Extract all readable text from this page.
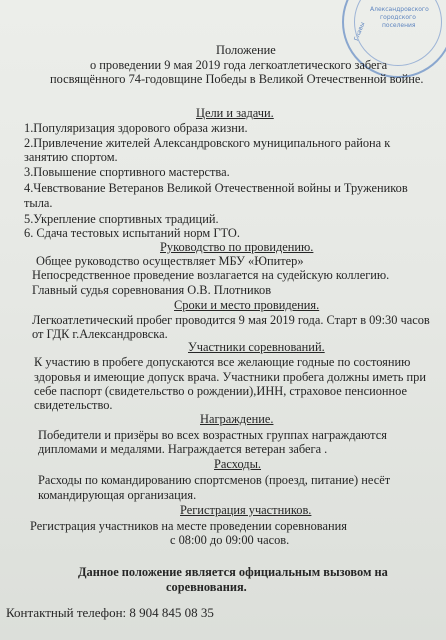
Александровского
городского
поселения
Главы
Положение
о проведении 9 мая 2019 года легкоатлетического забега
посвящённого 74-годовщине Победы в Великой Отечественной войне.
Цели и задачи.
1.Популяризация здорового образа жизни.
2.Привлечение жителей Александровского муниципального района к
занятию спортом.
3.Повышение спортивного мастерства.
4.Чевствование Ветеранов Великой Отечественной войны и Тружеников
тыла.
5.Укрепление спортивных традиций.
6. Сдача тестовых испытаний норм ГТО.
Руководство по провидению.
Общее руководство осуществляет МБУ «Юпитер»
Непосредственное проведение возлагается на судейскую коллегию.
Главный судья соревнования О.В. Плотников
Сроки и место провидения.
Легкоатлетический пробег проводится 9 мая 2019 года. Старт в 09:30 часов
от ГДК г.Александровска.
Участники соревнований.
К участию в пробеге допускаются все желающие годные по состоянию
здоровья и имеющие допуск врача. Участники пробега должны иметь при
себе паспорт (свидетельство о рождении),ИНН, страховое пенсионное
свидетельство.
Награждение.
Победители и призёры во всех возрастных группах награждаются
дипломами и медалями. Награждается ветеран забега .
Расходы.
Расходы по командированию спортсменов (проезд, питание) несёт
командирующая организация.
Регистрация участников.
Регистрация участников на месте проведении соревнования
с 08:00 до 09:00 часов.
Данное положение является официальным вызовом на
соревнования.
Контактный телефон: 8 904 845 08 35
